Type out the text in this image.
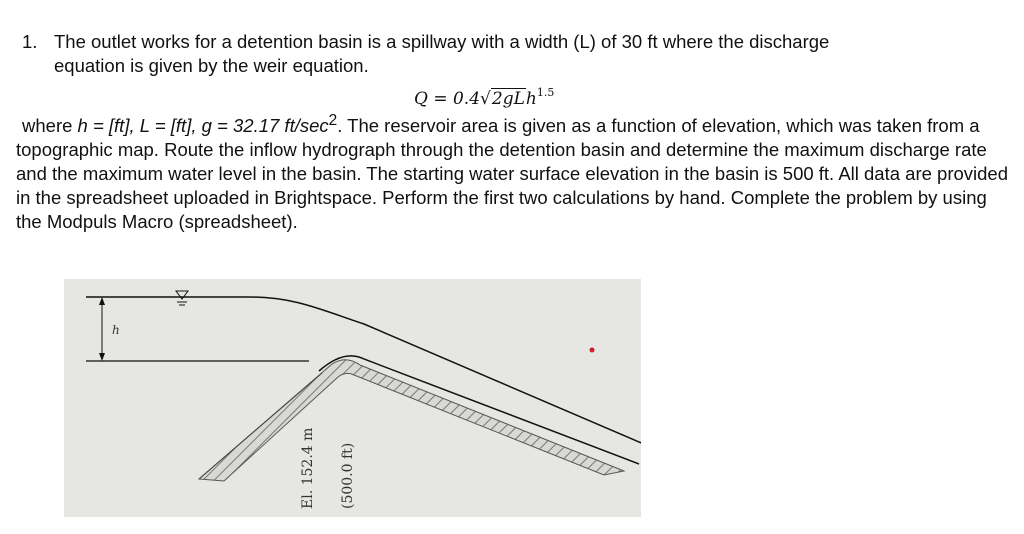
1. The outlet works for a detention basin is a spillway with a width (L) of 30 ft where the discharge
equation is given by the weir equation.
Q = 0.4√2gLh$^{1.5}$
where h = [ft], L = [ft], g = 32.17 $ft/\sec^2$. The reservoir area is given as a function of elevation, which was taken from a topographic map. Route the inflow hydrograph through the detention basin and determine the maximum discharge rate and the maximum water level in the basin. The starting water surface elevation in the basin is 500 ft. All data are provided in the spreadsheet uploaded in Brightspace. Perform the first two calculations by hand. Complete the problem by using the Modpuls Macro (spreadsheet).
h
El. 152.4 m (500.0 ft)
